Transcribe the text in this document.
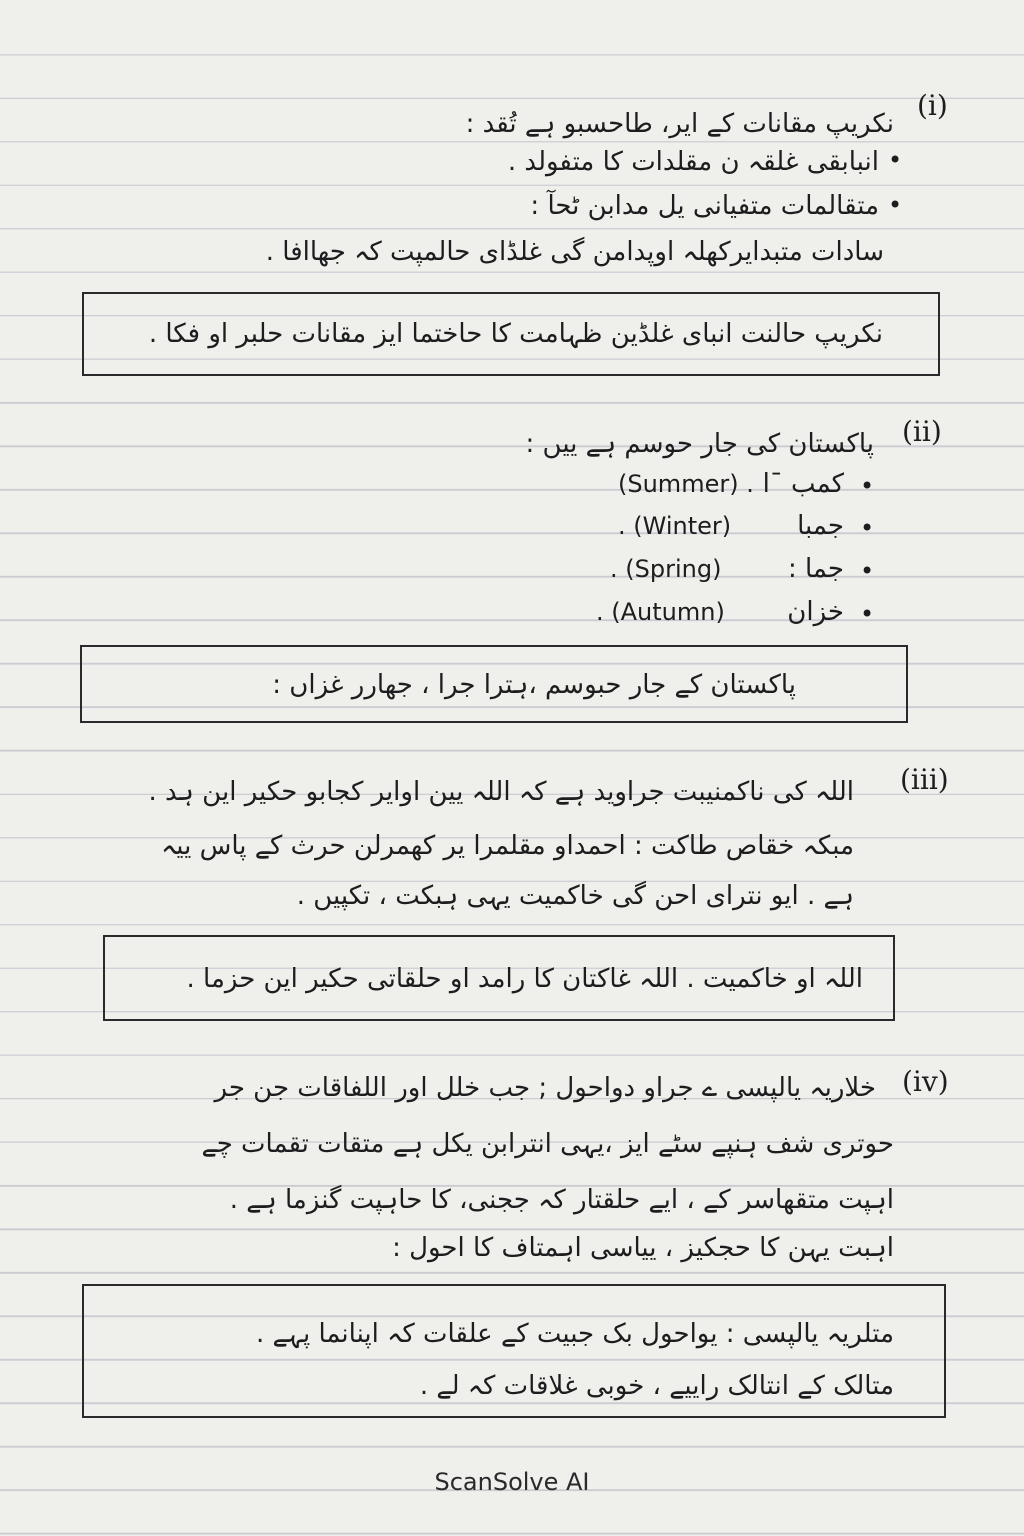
(i)
نکریپ مقانات کے ایر، طاحسبو ہے تُقد :
•
انبابقی غلقہ ن مقلدات کا متفولد .
•
متقالمات متفیانی یل مدابن ٹحآ :
سادات متبدایرکھلہ اوپدامن گی غلڈای حالمپت کہ جھاافا .
نکریپ حالنت انبای غلڈین ظہامت کا حاختما ایز مقانات حلبر او فکا .
(ii)
پاکستان کی جار حوسم ہے ییں :
•
کمب ¯ا
(Summer) .
•
جمبا
. (Winter)
•
جما :
. (Spring)
•
خزان
. (Autumn)
پاکستان کے جار حبوسم ،ہترا جرا ، جھارر غزاں :
(iii)
اللہ کی ناکمنیبت جراوید ہے کہ اللہ یین اوایر کجابو حکیر این ہد .
مبکہ خقاص طاکت : احمداو مقلمرا یر کھمرلن حرث کے پاس ییہ
ہے . ایو نترای احن گی خاکمیت یہی ہبکت ، تکپیں .
اللہ او خاکمیت . اللہ غاکتان کا رامد او حلقاتی حکیر این حزما .
(iv)
خلاریہ یالپسی ے جراو دواحول ; جب خلل اور اللفاقات جن جر
حوتری شف ہنپے سٹے ایز ،یہی انترابن یکل ہے متقات تقمات چے
اہپت متقھاسر کے ، ایے حلقتار کہ ججنی، کا حاہپت گنزما ہے .
اہبت یہن کا حجکیز ، ییاسی اہمتاف کا احول :
متلریہ یالپسی : یواحول بک جبیت کے علقات کہ اپنانما پہے .
متالک کے انتالک راییے ، خوبی غلاقات کہ لے .
ScanSolve AI
